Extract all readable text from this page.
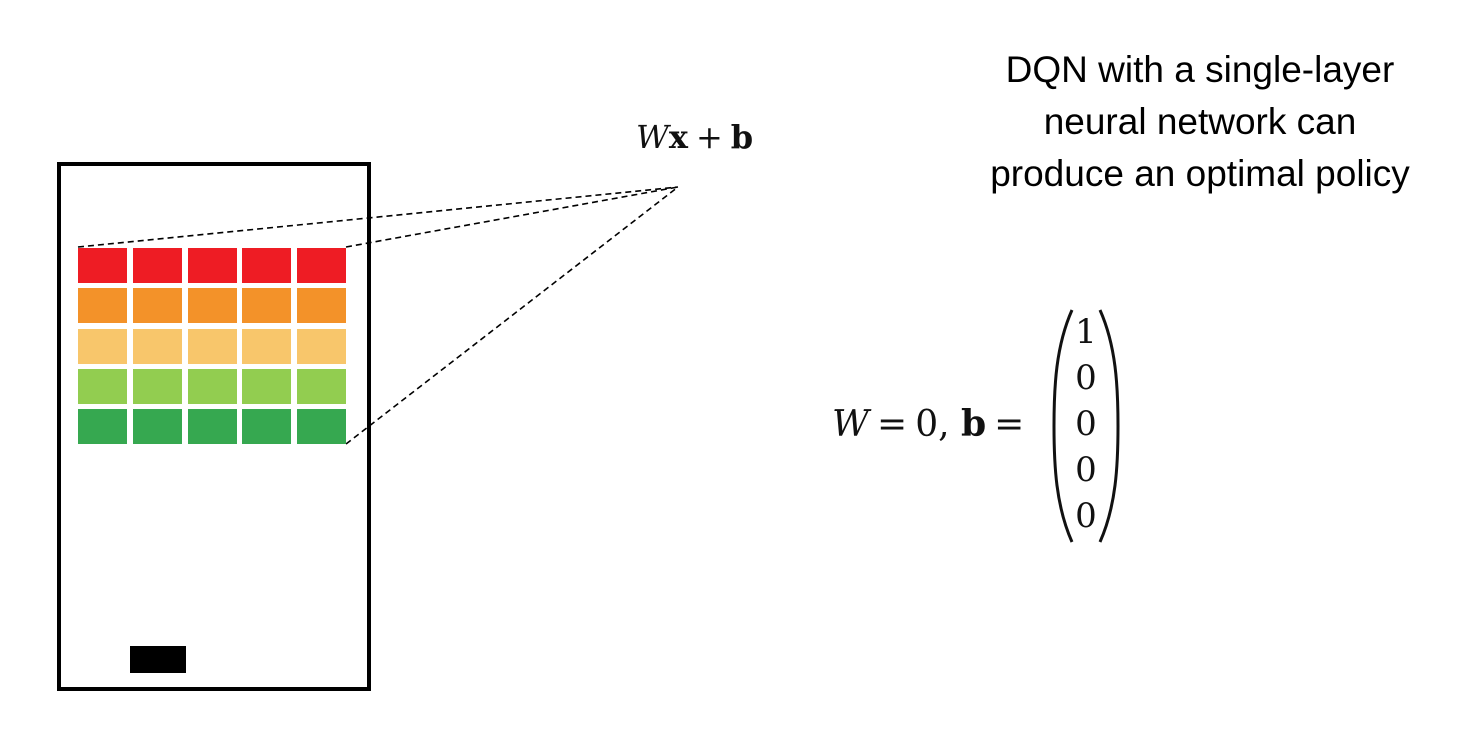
Wx + b
DQN with a single-layer
neural network can
produce an optimal policy
W = 0, b =
1
0
0
0
0
